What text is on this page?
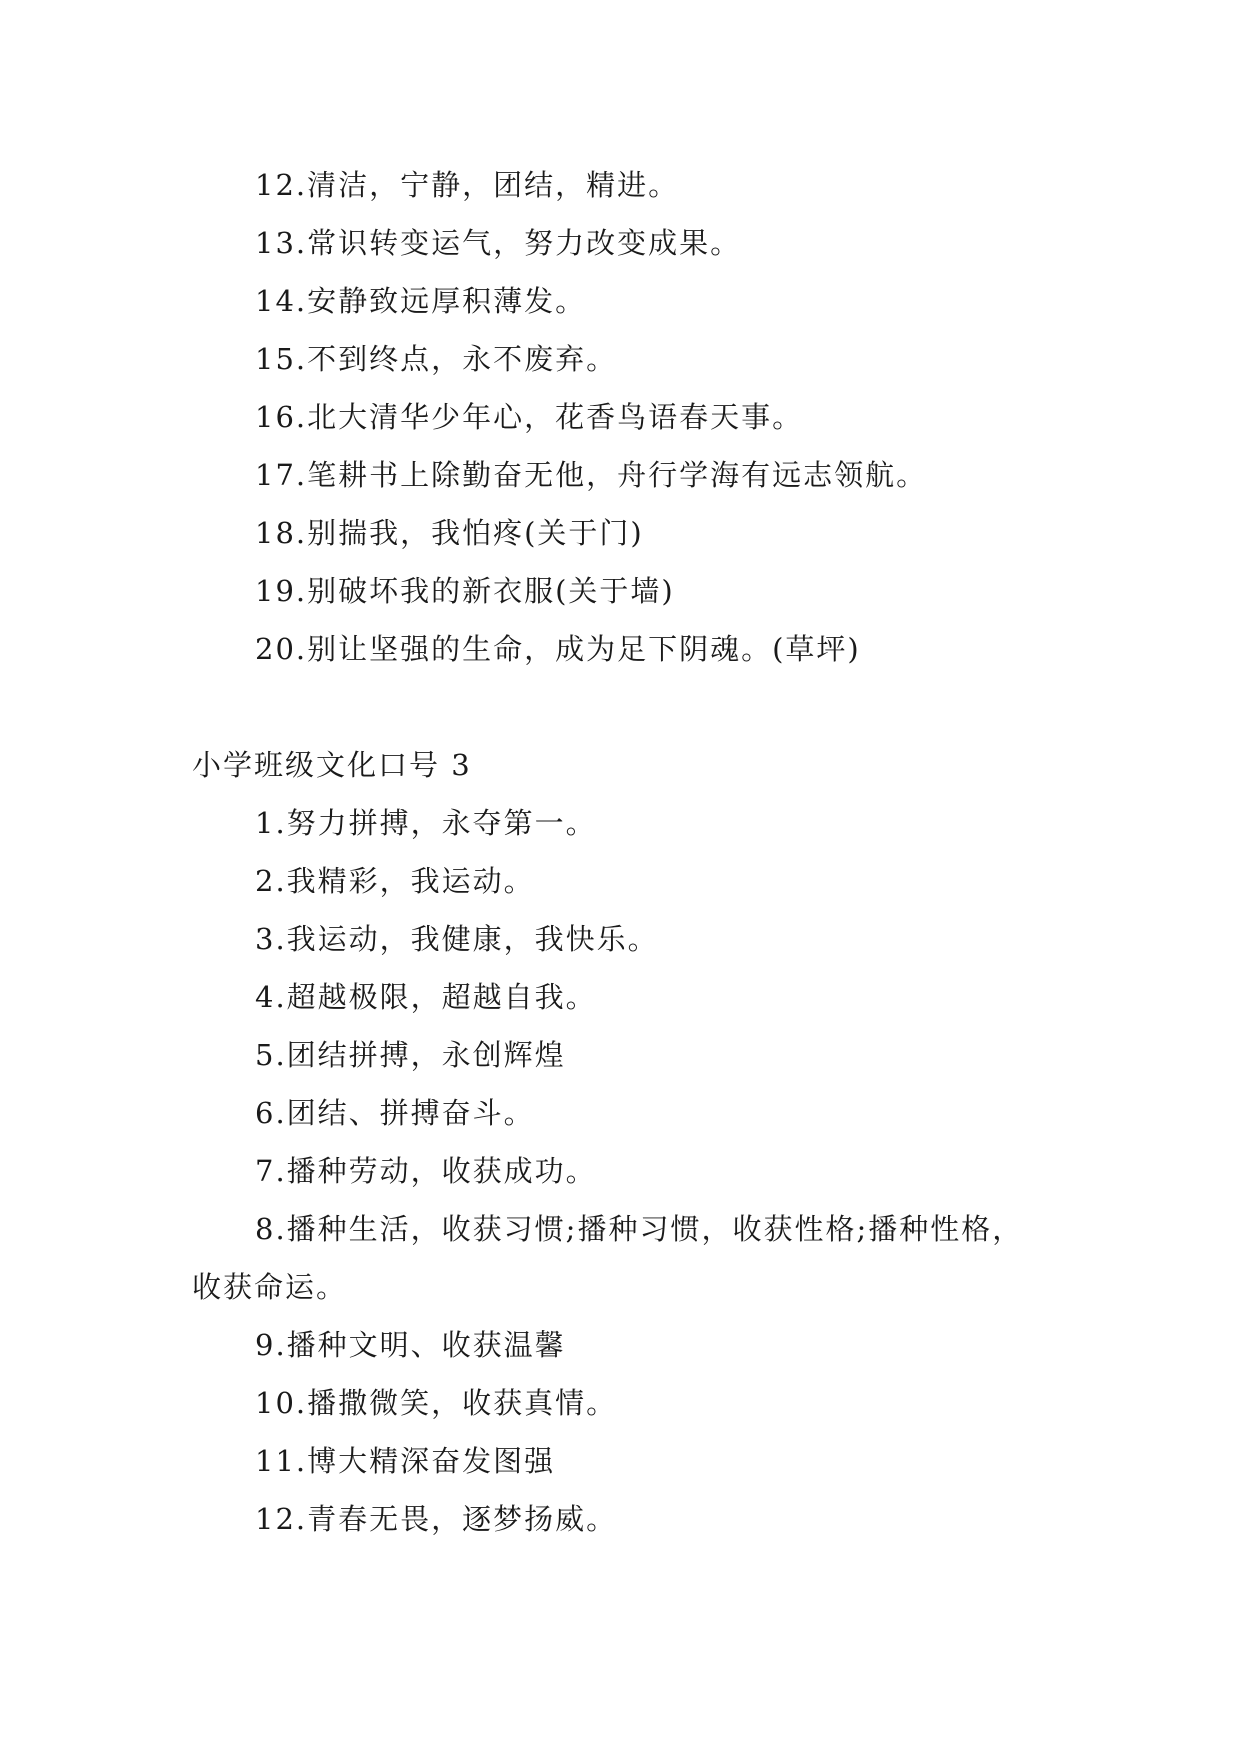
12.清洁，宁静，团结，精进。
13.常识转变运气，努力改变成果。
14.安静致远厚积薄发。
15.不到终点，永不废弃。
16.北大清华少年心，花香鸟语春天事。
17.笔耕书上除勤奋无他，舟行学海有远志领航。
18.别揣我，我怕疼(关于门)
19.别破坏我的新衣服(关于墙)
20.别让坚强的生命，成为足下阴魂。(草坪)
小学班级文化口号 3
1.努力拼搏，永夺第一。
2.我精彩，我运动。
3.我运动，我健康，我快乐。
4.超越极限，超越自我。
5.团结拼搏，永创辉煌
6.团结、拼搏奋斗。
7.播种劳动，收获成功。
8.播种生活，收获习惯;播种习惯，收获性格;播种性格，
收获命运。
9.播种文明、收获温馨
10.播撒微笑，收获真情。
11.博大精深奋发图强
12.青春无畏，逐梦扬威。
